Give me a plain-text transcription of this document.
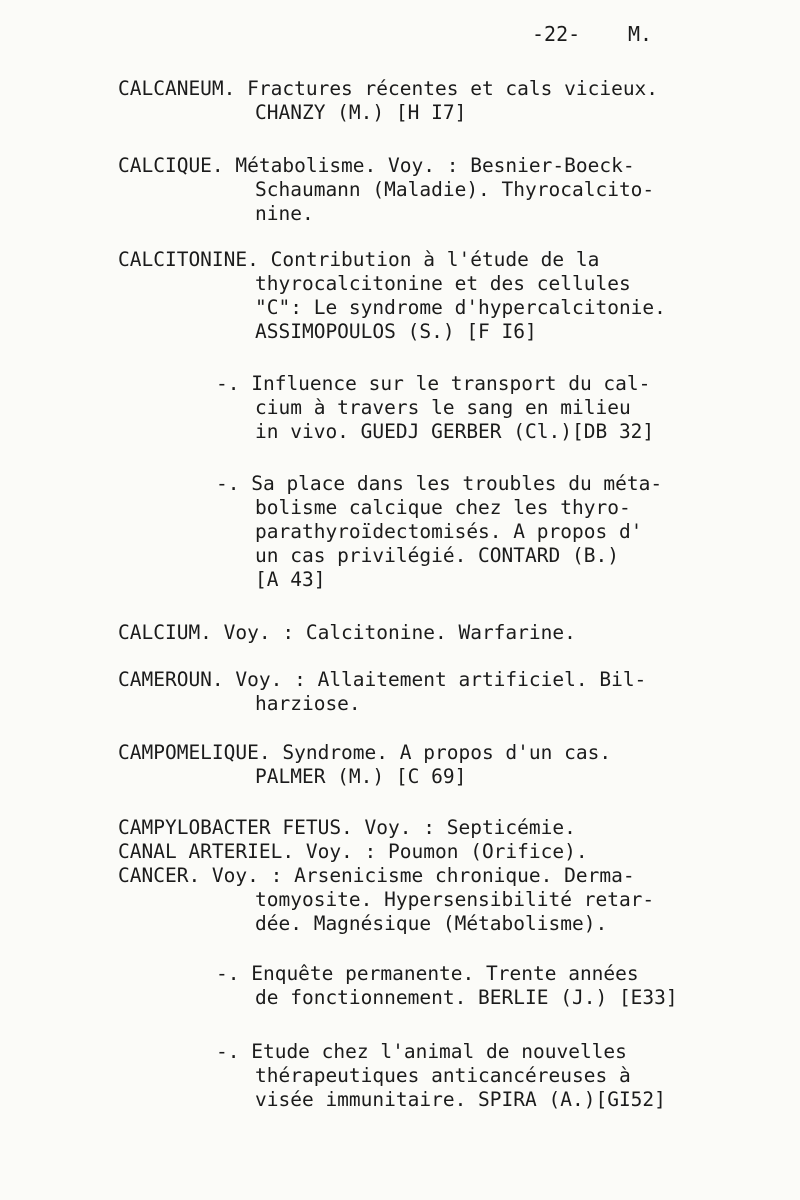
-22- M.
CALCANEUM. Fractures récentes et cals vicieux.
CHANZY (M.) [H I7]
CALCIQUE. Métabolisme. Voy. : Besnier-Boeck-
Schaumann (Maladie). Thyrocalcito-
nine.
CALCITONINE. Contribution à l'étude de la
thyrocalcitonine et des cellules
"C": Le syndrome d'hypercalcitonie.
ASSIMOPOULOS (S.) [F I6]
-. Influence sur le transport du cal-
cium à travers le sang en milieu
in vivo. GUEDJ GERBER (Cl.)[DB 32]
-. Sa place dans les troubles du méta-
bolisme calcique chez les thyro-
parathyroïdectomisés. A propos d'
un cas privilégié. CONTARD (B.)
[A 43]
CALCIUM. Voy. : Calcitonine. Warfarine.
CAMEROUN. Voy. : Allaitement artificiel. Bil-
harziose.
CAMPOMELIQUE. Syndrome. A propos d'un cas.
PALMER (M.) [C 69]
CAMPYLOBACTER FETUS. Voy. : Septicémie.
CANAL ARTERIEL. Voy. : Poumon (Orifice).
CANCER. Voy. : Arsenicisme chronique. Derma-
tomyosite. Hypersensibilité retar-
dée. Magnésique (Métabolisme).
-. Enquête permanente. Trente années
de fonctionnement. BERLIE (J.) [E33]
-. Etude chez l'animal de nouvelles
thérapeutiques anticancéreuses à
visée immunitaire. SPIRA (A.)[GI52]
